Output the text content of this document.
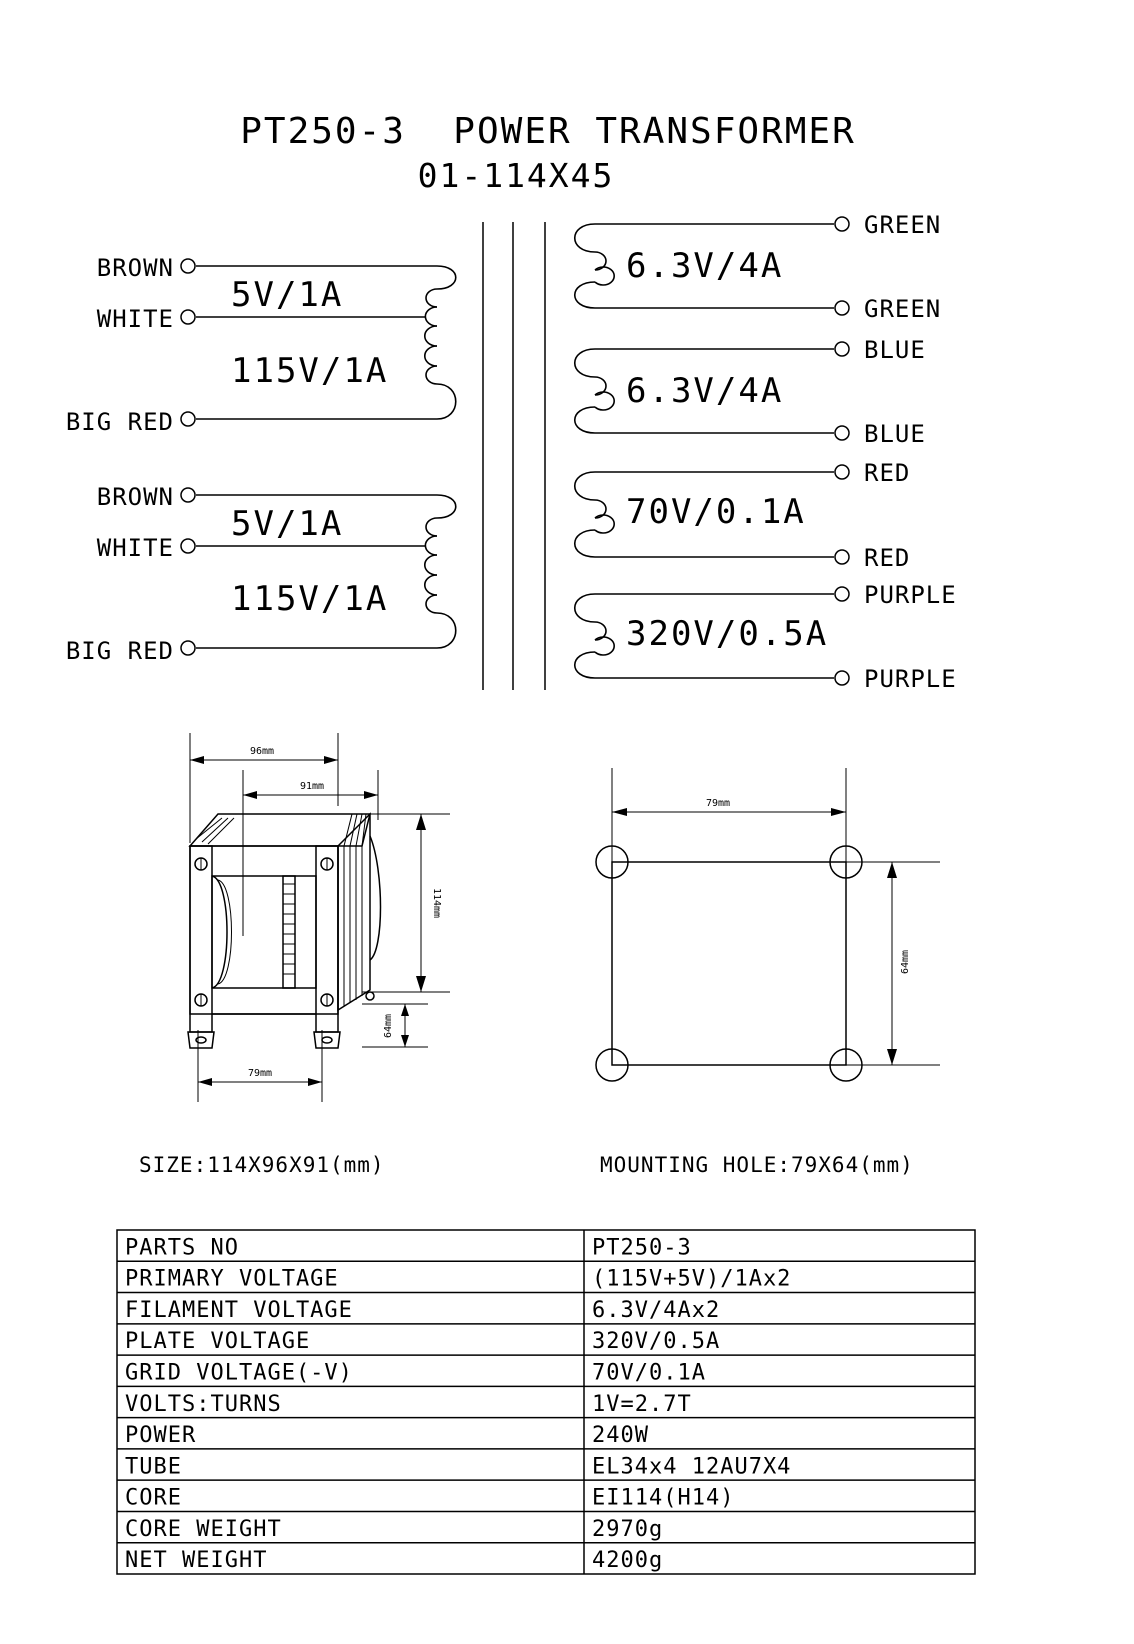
PT250-3  POWER TRANSFORMER
01-114X45
BROWN
WHITE
BIG RED
5V/1A
115V/1A
BROWN
WHITE
BIG RED
5V/1A
115V/1A
GREEN
GREEN
6.3V/4A
BLUE
BLUE
6.3V/4A
RED
RED
70V/0.1A
PURPLE
PURPLE
320V/0.5A
96mm
91mm
114mm
64mm
79mm
79mm
64mm
SIZE:114X96X91(mm)	MOUNTING HOLE:79X64(mm)
PARTS NO	PT250-3
PRIMARY VOLTAGE	(115V+5V)/1Ax2
FILAMENT VOLTAGE	6.3V/4Ax2
PLATE VOLTAGE	320V/0.5A
GRID VOLTAGE(-V)	70V/0.1A
VOLTS:TURNS	1V=2.7T
POWER	240W
TUBE	EL34x4 12AU7X4
CORE	EI114(H14)
CORE WEIGHT	2970g
NET WEIGHT	4200g
